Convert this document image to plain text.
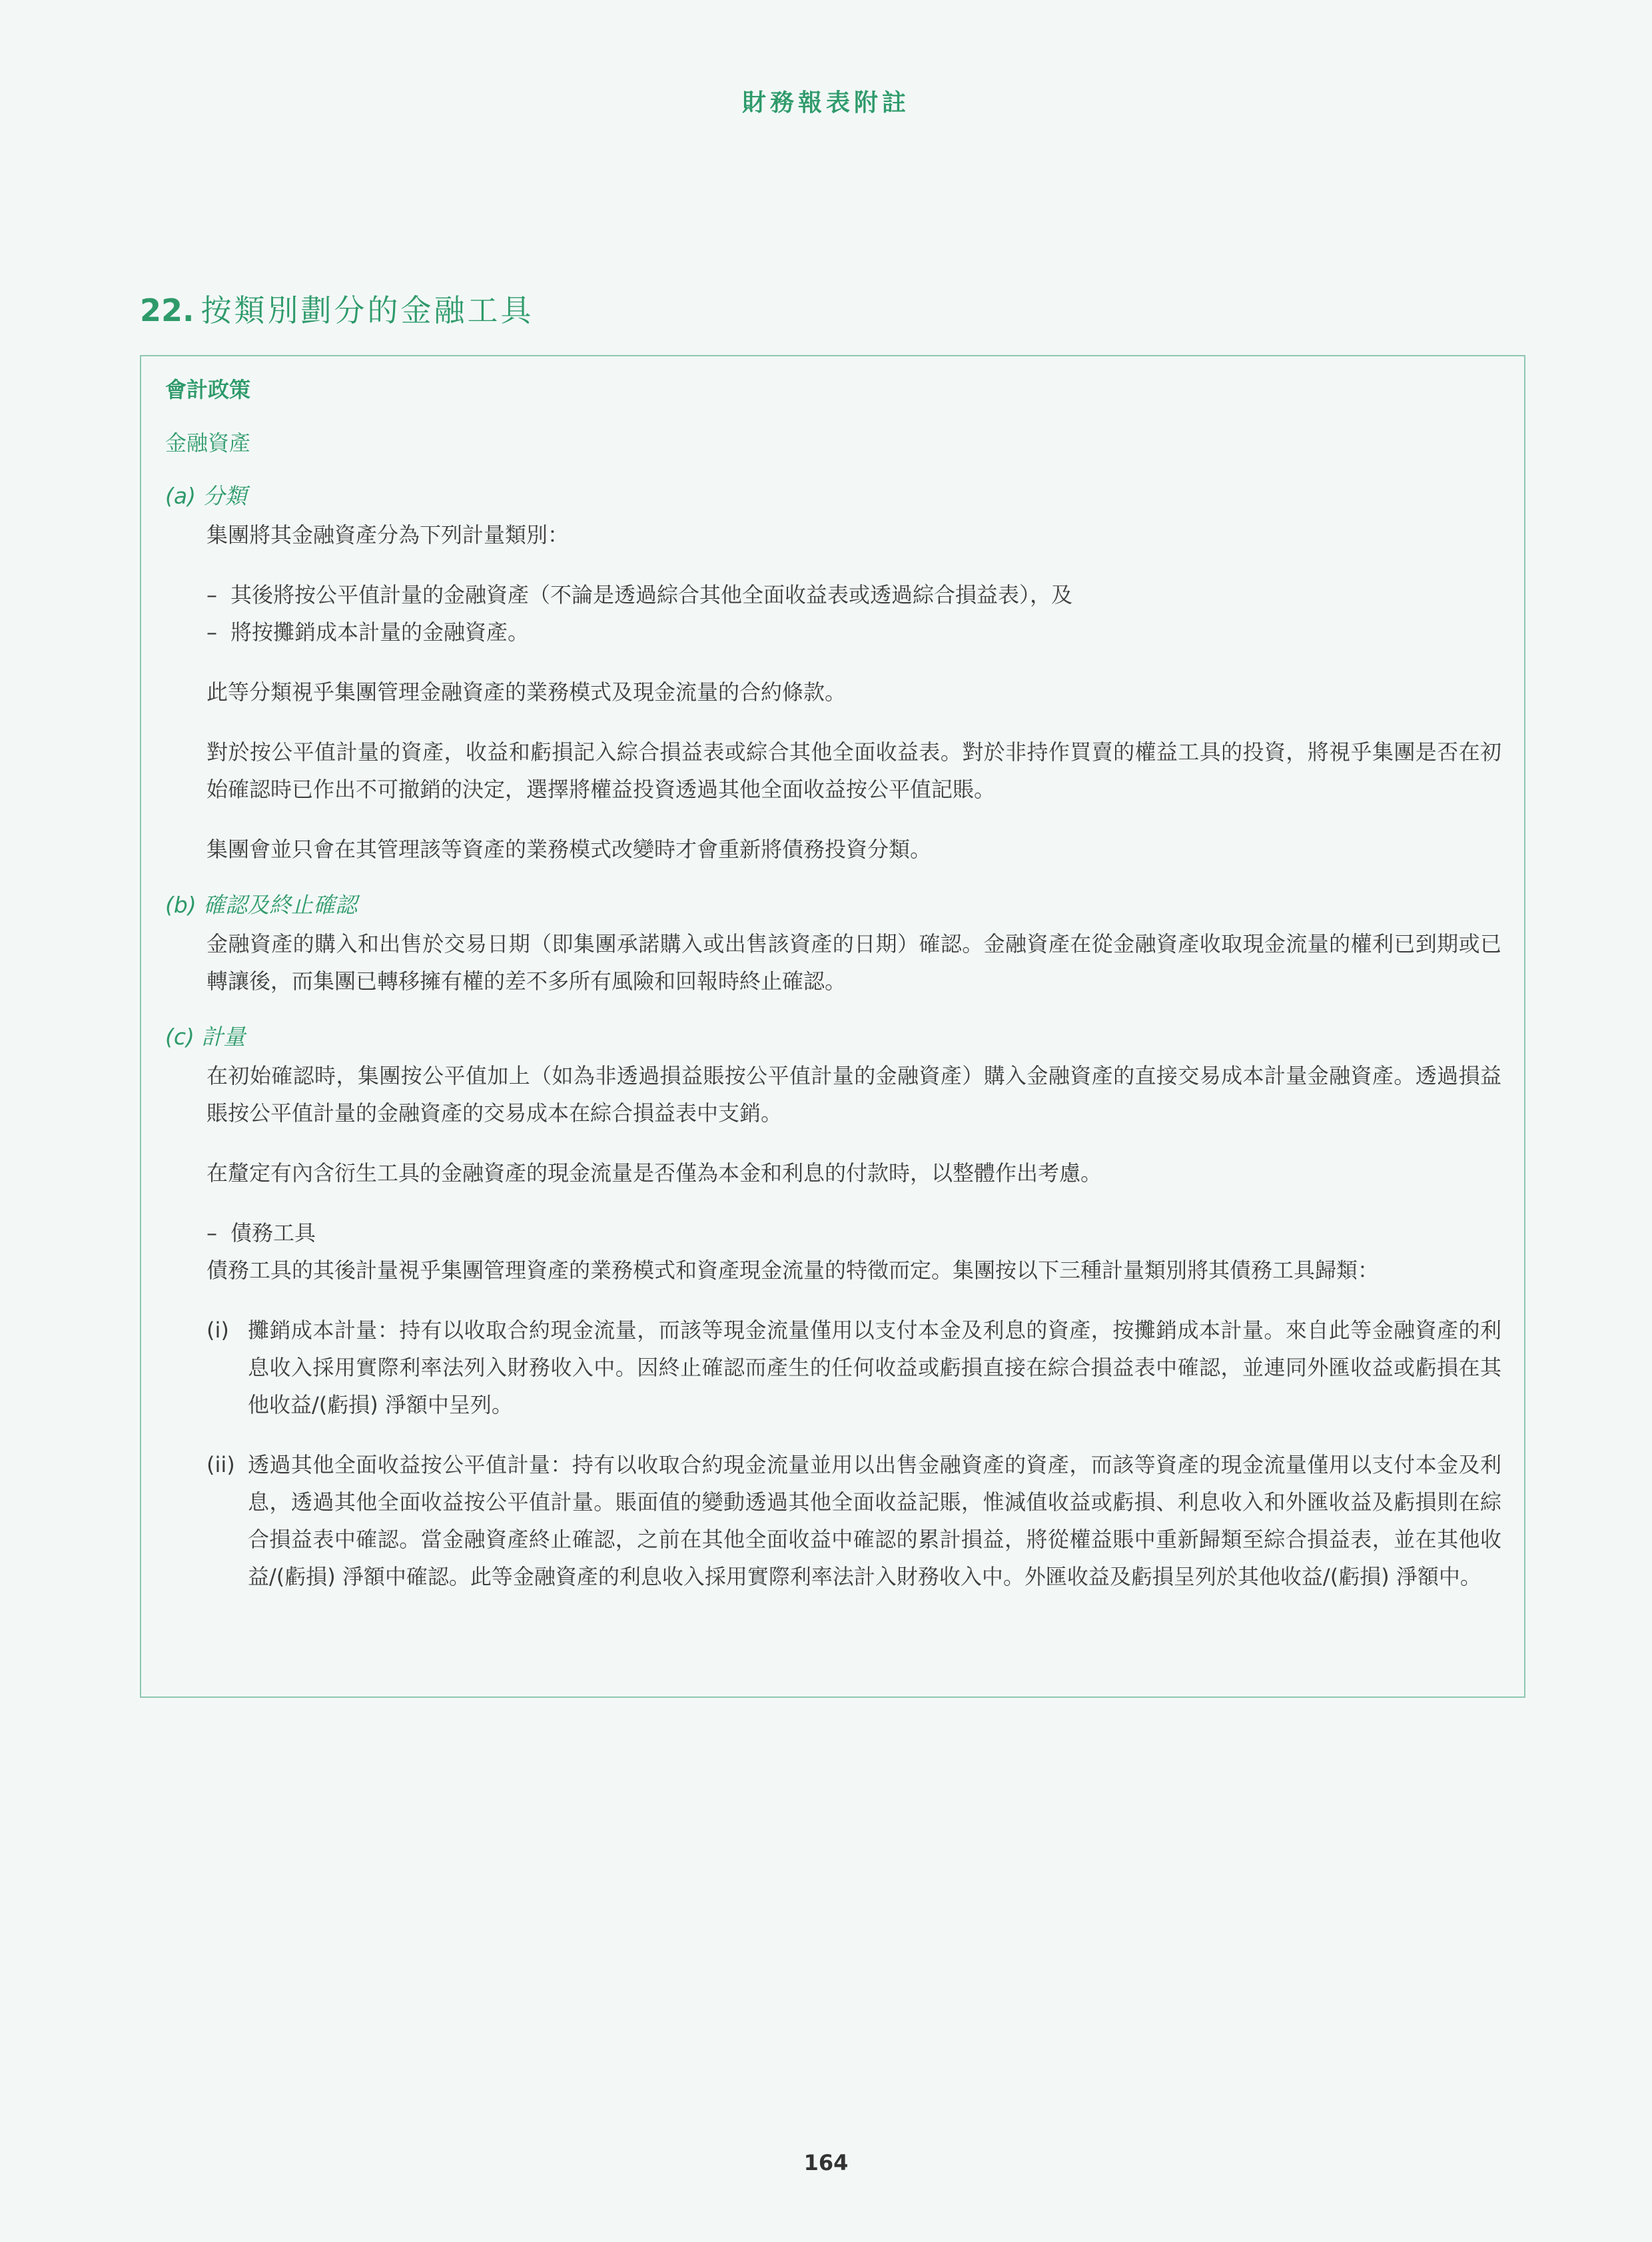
財務報表附註
22. 按類別劃分的金融工具

會計政策

金融資產

(a) 分類

集團將其金融資產分為下列計量類別：

– 其後將按公平值計量的金融資產（不論是透過綜合其他全面收益表或透過綜合損益表），及
– 將按攤銷成本計量的金融資產。

此等分類視乎集團管理金融資產的業務模式及現金流量的合約條款。

對於按公平值計量的資產，收益和虧損記入綜合損益表或綜合其他全面收益表。對於非持作買賣的權益工具的投資，將視乎集團是否在初始確認時已作出不可撤銷的決定，選擇將權益投資透過其他全面收益按公平值記賬。

集團會並只會在其管理該等資產的業務模式改變時才會重新將債務投資分類。

(b) 確認及終止確認

金融資產的購入和出售於交易日期（即集團承諾購入或出售該資產的日期）確認。金融資產在從金融資產收取現金流量的權利已到期或已轉讓後，而集團已轉移擁有權的差不多所有風險和回報時終止確認。

(c) 計量

在初始確認時，集團按公平值加上（如為非透過損益賬按公平值計量的金融資產）購入金融資產的直接交易成本計量金融資產。透過損益賬按公平值計量的金融資產的交易成本在綜合損益表中支銷。

在釐定有內含衍生工具的金融資產的現金流量是否僅為本金和利息的付款時，以整體作出考慮。

– 債務工具

債務工具的其後計量視乎集團管理資產的業務模式和資產現金流量的特徵而定。集團按以下三種計量類別將其債務工具歸類：

(i) 攤銷成本計量：持有以收取合約現金流量，而該等現金流量僅用以支付本金及利息的資產，按攤銷成本計量。來自此等金融資產的利息收入採用實際利率法列入財務收入中。因終止確認而產生的任何收益或虧損直接在綜合損益表中確認，並連同外匯收益或虧損在其他收益/(虧損) 淨額中呈列。
(ii) 透過其他全面收益按公平值計量：持有以收取合約現金流量並用以出售金融資產的資產，而該等資產的現金流量僅用以支付本金及利息，透過其他全面收益按公平值計量。賬面值的變動透過其他全面收益記賬，惟減值收益或虧損、利息收入和外匯收益及虧損則在綜合損益表中確認。當金融資產終止確認，之前在其他全面收益中確認的累計損益，將從權益賬中重新歸類至綜合損益表，並在其他收益/(虧損) 淨額中確認。此等金融資產的利息收入採用實際利率法計入財務收入中。外匯收益及虧損呈列於其他收益/(虧損) 淨額中。
164
